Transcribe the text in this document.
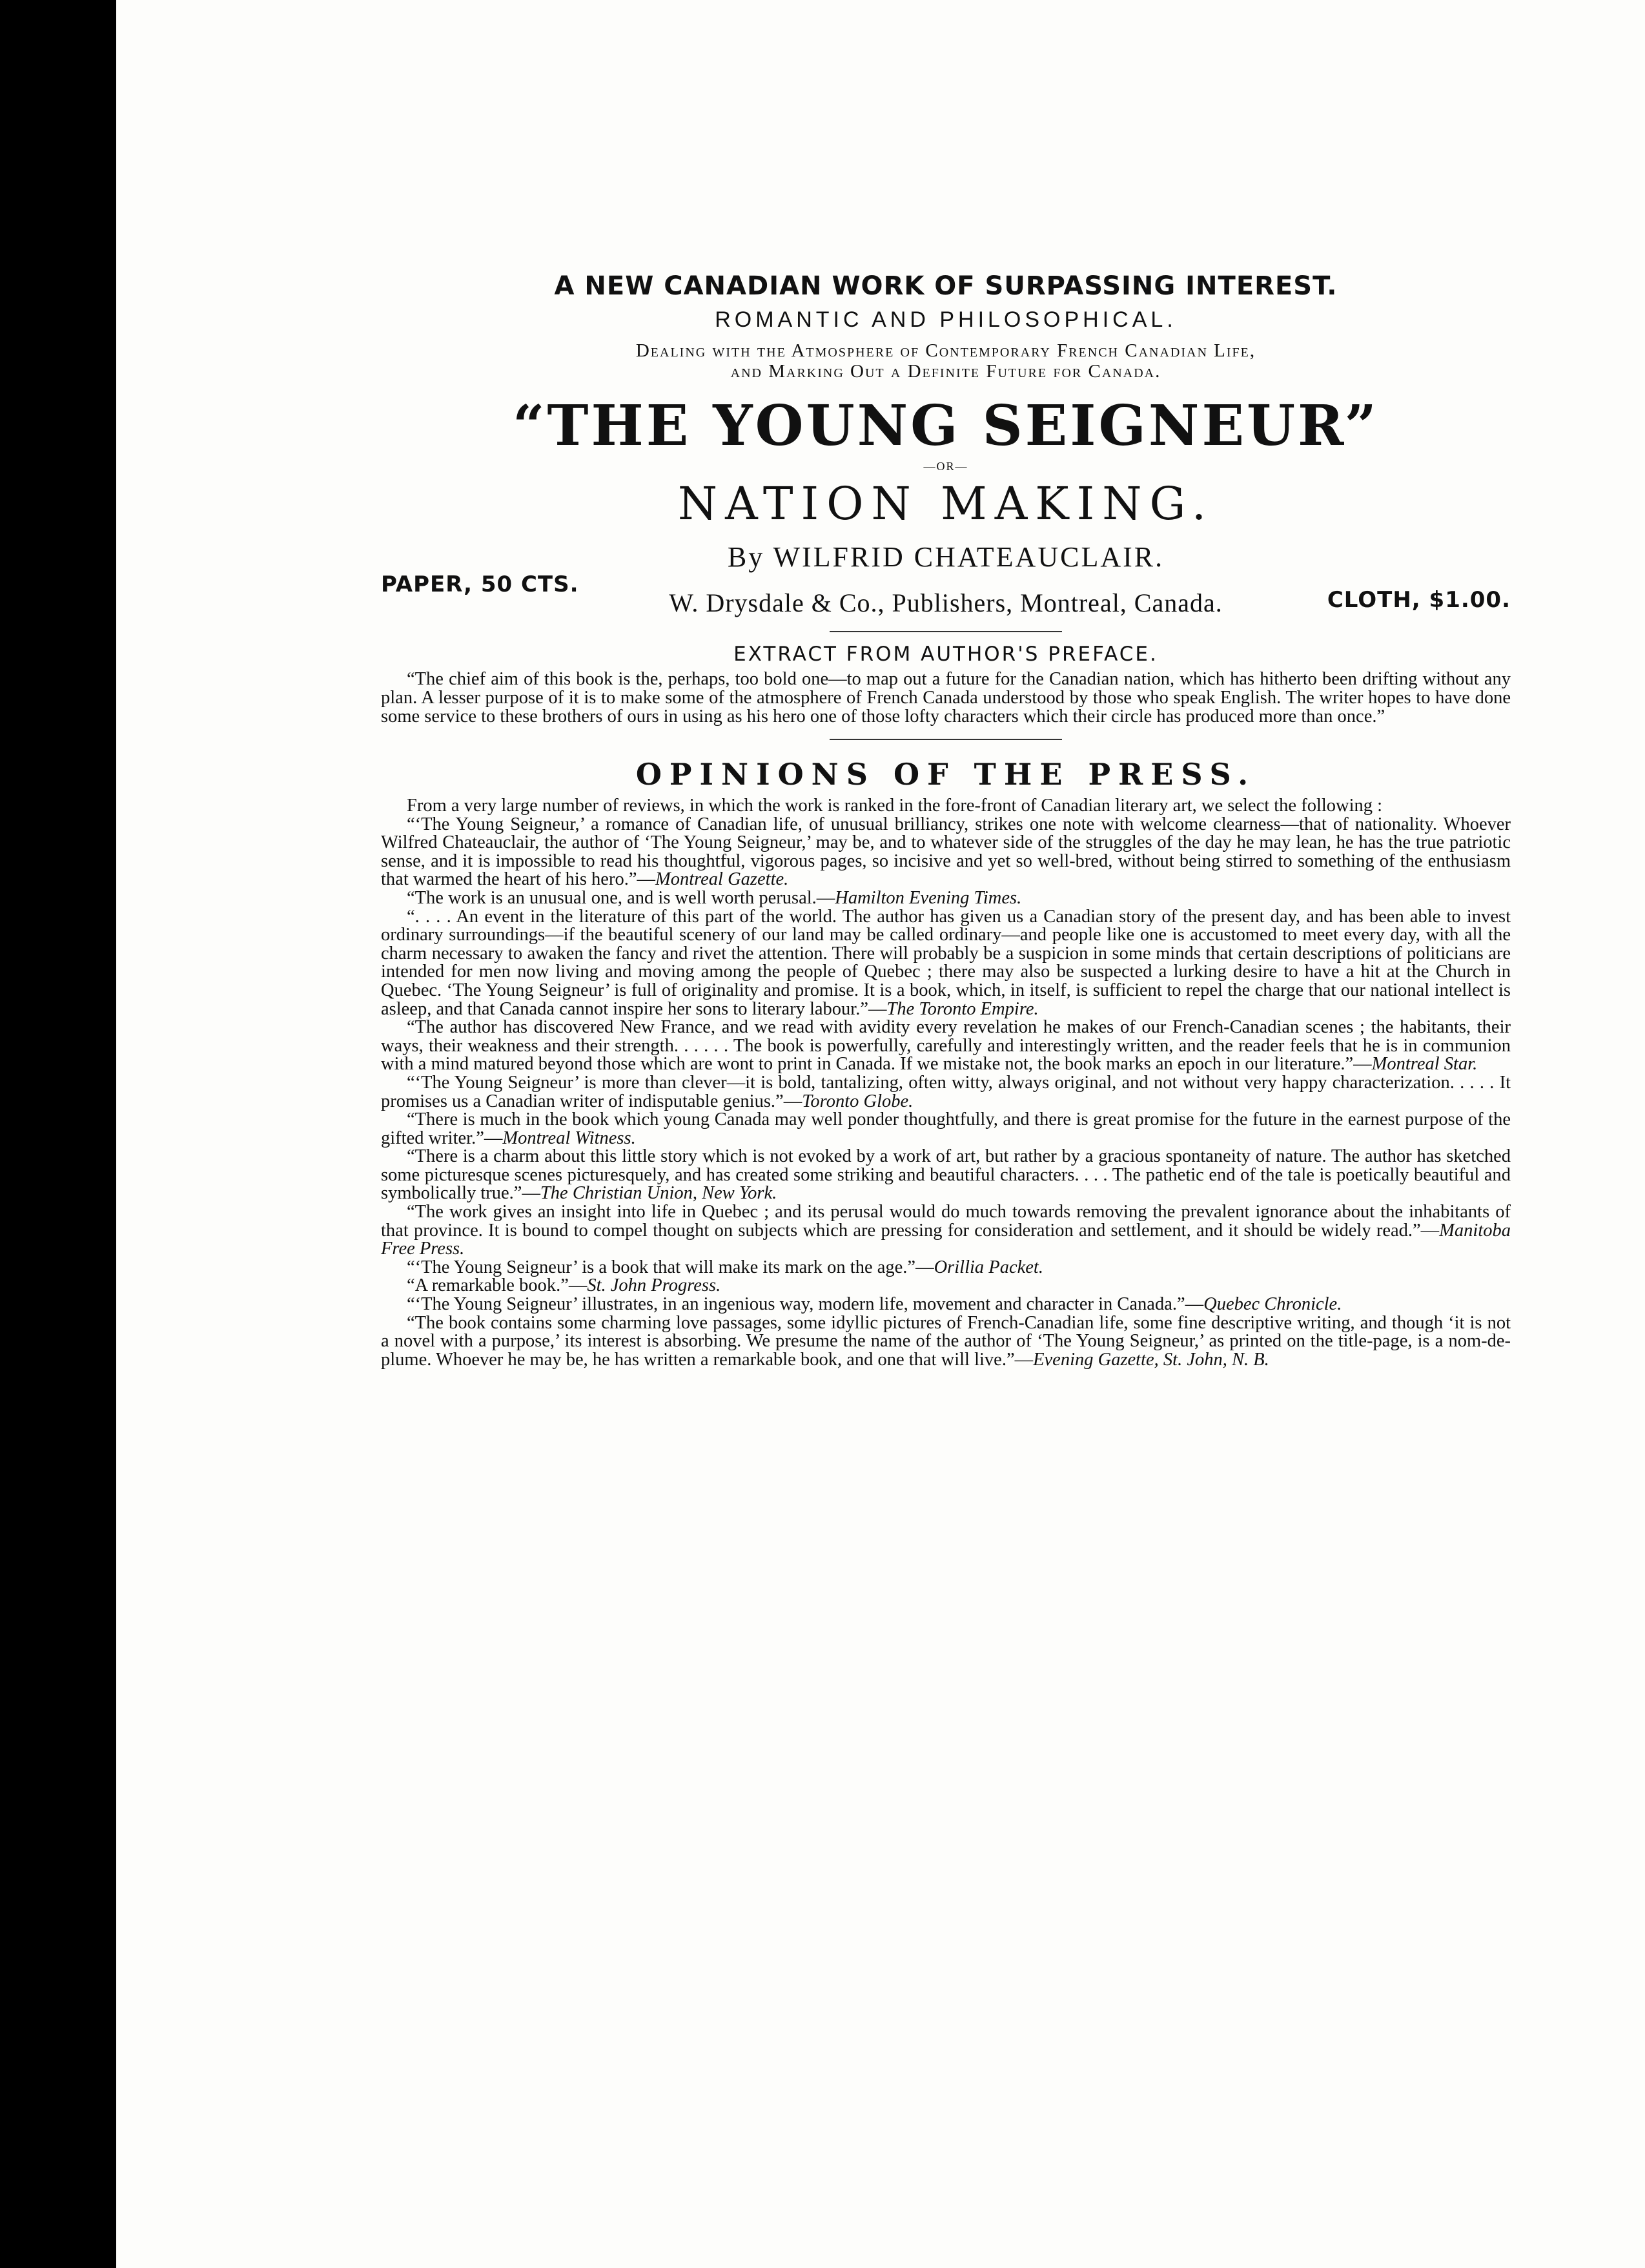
A NEW CANADIAN WORK OF SURPASSING INTEREST.

ROMANTIC AND PHILOSOPHICAL.

Dealing with the Atmosphere of Contemporary French Canadian Life,
and Marking Out a Definite Future for Canada.

“THE YOUNG SEIGNEUR”

—OR—

NATION MAKING.

By WILFRID CHATEAUCLAIR.
PAPER, 50 CTS.
CLOTH, $1.00.

W. Drysdale & Co., Publishers, Montreal, Canada.

EXTRACT FROM AUTHOR'S PREFACE.

“The chief aim of this book is the, perhaps, too bold one—to map out a future for the Canadian nation, which has hitherto been drifting without any plan. A lesser purpose of it is to make some of the atmosphere of French Canada understood by those who speak English. The writer hopes to have done some service to these brothers of ours in using as his hero one of those lofty characters which their circle has produced more than once.”

OPINIONS OF THE PRESS.

From a very large number of reviews, in which the work is ranked in the fore-front of Canadian literary art, we select the following :

“‘The Young Seigneur,’ a romance of Canadian life, of unusual brilliancy, strikes one note with welcome clearness—that of nationality. Whoever Wilfred Chateauclair, the author of ‘The Young Seigneur,’ may be, and to whatever side of the struggles of the day he may lean, he has the true patriotic sense, and it is impossible to read his thoughtful, vigorous pages, so incisive and yet so well-bred, without being stirred to something of the enthusiasm that warmed the heart of his hero.”—Montreal Gazette.

“The work is an unusual one, and is well worth perusal.—Hamilton Evening Times.

“. . . . An event in the literature of this part of the world. The author has given us a Canadian story of the present day, and has been able to invest ordinary surroundings—if the beautiful scenery of our land may be called ordinary—and people like one is accustomed to meet every day, with all the charm necessary to awaken the fancy and rivet the attention. There will probably be a suspicion in some minds that certain descriptions of politicians are intended for men now living and moving among the people of Quebec ; there may also be suspected a lurking desire to have a hit at the Church in Quebec. ‘The Young Seigneur’ is full of originality and promise. It is a book, which, in itself, is sufficient to repel the charge that our national intellect is asleep, and that Canada cannot inspire her sons to literary labour.”—The Toronto Empire.

“The author has discovered New France, and we read with avidity every revelation he makes of our French-Canadian scenes ; the habitants, their ways, their weakness and their strength. . . . . . The book is powerfully, carefully and interestingly written, and the reader feels that he is in communion with a mind matured beyond those which are wont to print in Canada. If we mistake not, the book marks an epoch in our literature.”—Montreal Star.

“‘The Young Seigneur’ is more than clever—it is bold, tantalizing, often witty, always original, and not without very happy characterization. . . . . It promises us a Canadian writer of indisputable genius.”—Toronto Globe.

“There is much in the book which young Canada may well ponder thoughtfully, and there is great promise for the future in the earnest purpose of the gifted writer.”—Montreal Witness.

“There is a charm about this little story which is not evoked by a work of art, but rather by a gracious spontaneity of nature. The author has sketched some picturesque scenes picturesquely, and has created some striking and beautiful characters. . . . The pathetic end of the tale is poetically beautiful and symbolically true.”—The Christian Union, New York.

“The work gives an insight into life in Quebec ; and its perusal would do much towards removing the prevalent ignorance about the inhabitants of that province. It is bound to compel thought on subjects which are pressing for consideration and settlement, and it should be widely read.”—Manitoba Free Press.

“‘The Young Seigneur’ is a book that will make its mark on the age.”—Orillia Packet.

“A remarkable book.”—St. John Progress.

“‘The Young Seigneur’ illustrates, in an ingenious way, modern life, movement and character in Canada.”—Quebec Chronicle.

“The book contains some charming love passages, some idyllic pictures of French-Canadian life, some fine descriptive writing, and though ‘it is not a novel with a purpose,’ its interest is absorbing. We presume the name of the author of ‘The Young Seigneur,’ as printed on the title-page, is a nom-de-plume. Whoever he may be, he has written a remarkable book, and one that will live.”—Evening Gazette, St. John, N. B.
